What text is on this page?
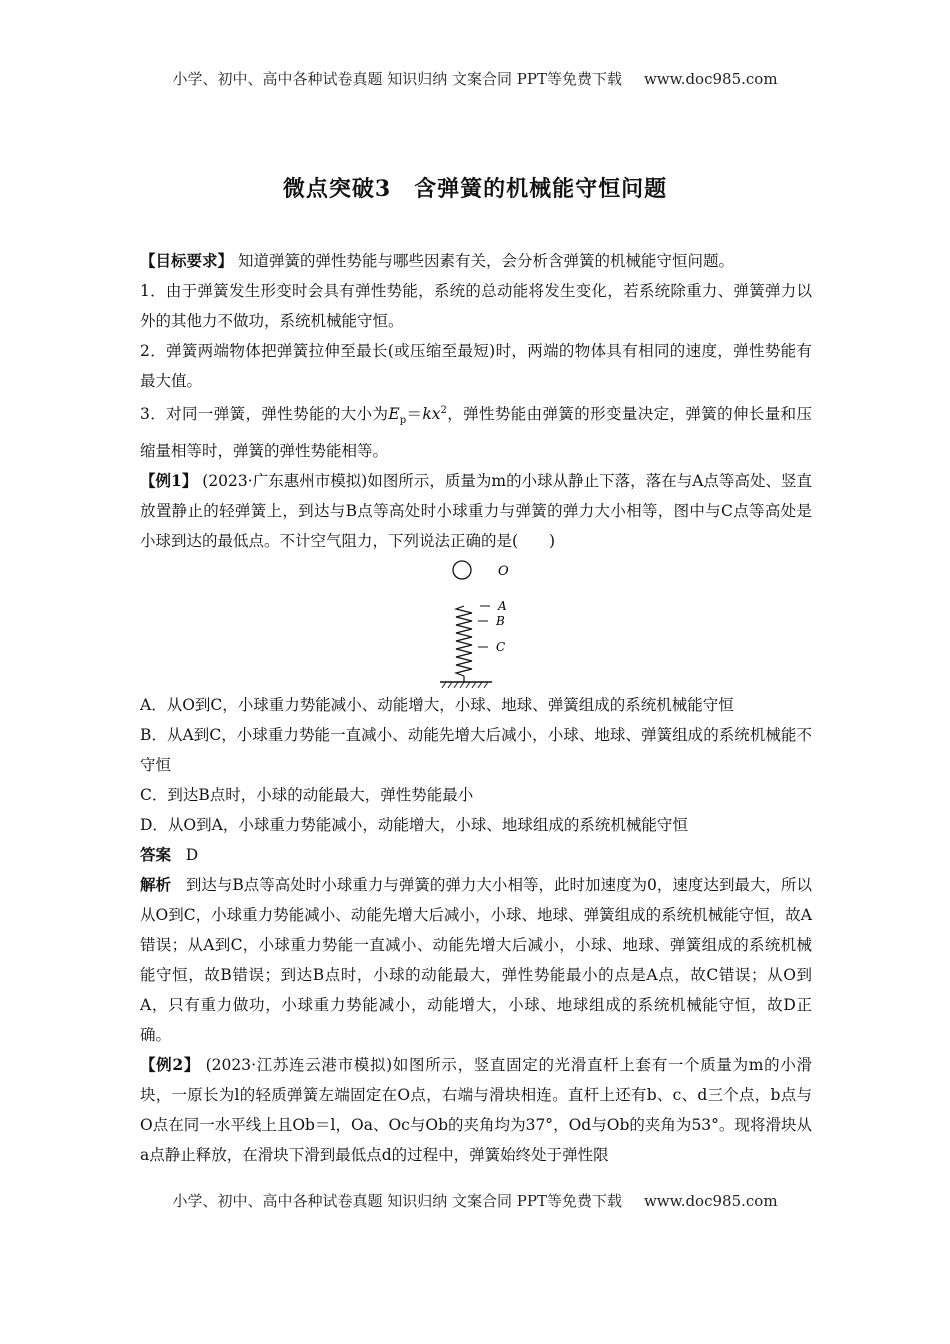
小学、初中、高中各种试卷真题 知识归纳 文案合同 PPT等免费下载 www.doc985.com
微点突破3　含弹簧的机械能守恒问题

【目标要求】 知道弹簧的弹性势能与哪些因素有关，会分析含弹簧的机械能守恒问题。

1．由于弹簧发生形变时会具有弹性势能，系统的总动能将发生变化，若系统除重力、弹簧弹力以外的其他力不做功，系统机械能守恒。

2．弹簧两端物体把弹簧拉伸至最长(或压缩至最短)时，两端的物体具有相同的速度，弹性势能有最大值。

3．对同一弹簧，弹性势能的大小为$E_p=kx^2$，弹性势能由弹簧的形变量决定，弹簧的伸长量和压缩量相等时，弹簧的弹性势能相等。

【例1】 (2023·广东惠州市模拟)如图所示，质量为m的小球从静止下落，落在与A点等高处、竖直放置静止的轻弹簧上，到达与B点等高处时小球重力与弹簧的弹力大小相等，图中与C点等高处是小球到达的最低点。不计空气阻力，下列说法正确的是(　　)

O
A
B
C

A．从O到C，小球重力势能减小、动能增大，小球、地球、弹簧组成的系统机械能守恒

B．从A到C，小球重力势能一直减小、动能先增大后减小，小球、地球、弹簧组成的系统机械能不守恒

C．到达B点时，小球的动能最大，弹性势能最小

D．从O到A，小球重力势能减小，动能增大，小球、地球组成的系统机械能守恒

答案 D

解析 到达与B点等高处时小球重力与弹簧的弹力大小相等，此时加速度为0，速度达到最大，所以从O到C，小球重力势能减小、动能先增大后减小，小球、地球、弹簧组成的系统机械能守恒，故A错误；从A到C，小球重力势能一直减小、动能先增大后减小，小球、地球、弹簧组成的系统机械能守恒，故B错误；到达B点时，小球的动能最大，弹性势能最小的点是A点，故C错误；从O到A，只有重力做功，小球重力势能减小，动能增大，小球、地球组成的系统机械能守恒，故D正确。

【例2】 (2023·江苏连云港市模拟)如图所示，竖直固定的光滑直杆上套有一个质量为m的小滑块，一原长为l的轻质弹簧左端固定在O点，右端与滑块相连。直杆上还有b、c、d三个点，b点与O点在同一水平线上且Ob＝l，Oa、Oc与Ob的夹角均为37°，Od与Ob的夹角为53°。现将滑块从a点静止释放，在滑块下滑到最低点d的过程中，弹簧始终处于弹性限

小学、初中、高中各种试卷真题 知识归纳 文案合同 PPT等免费下载 www.doc985.com
